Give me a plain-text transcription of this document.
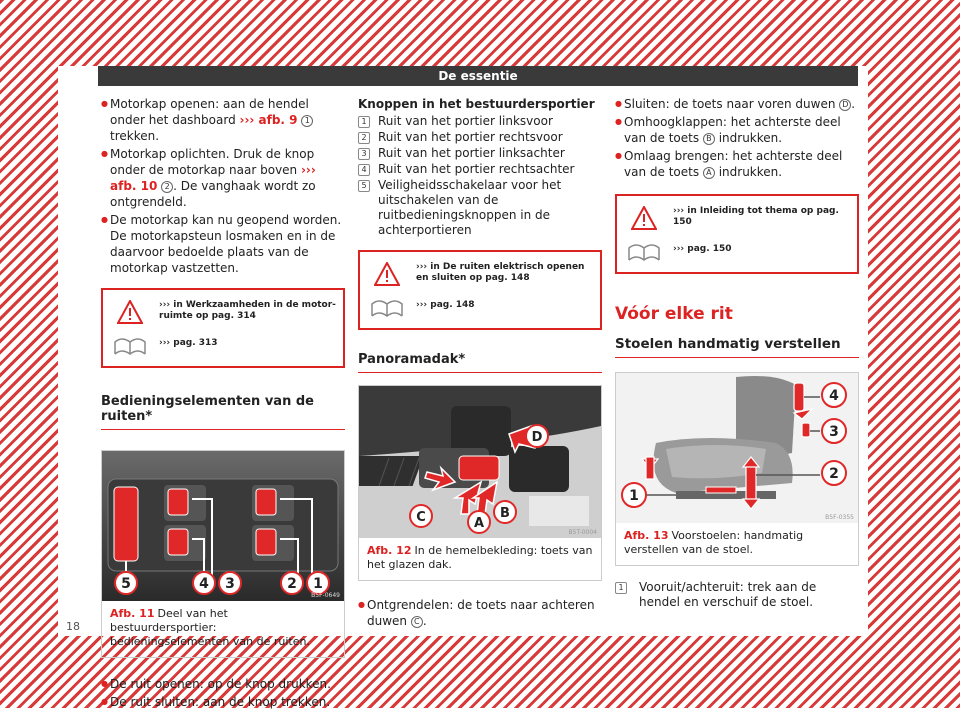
De essentie
● Motorkap openen: aan de hendel onder het dashboard ››› afb. 9 1 trekken.
● Motorkap oplichten. Druk de knop onder de motorkap naar boven ››› afb. 10 2 . De vanghaak wordt zo ontgrendeld.
● De motorkap kan nu geopend worden. De motorkapsteun losmaken en in de daarvoor bedoelde plaats van de motorkap vastzetten.
››› in Werkzaamheden in de motor-ruimte op pag. 314
››› pag. 313
Bedieningselementen van de ruiten*
5	4 3	2 1
B5F-0649
Afb. 11 Deel van het bestuurdersportier: bedieningselementen van de ruiten.
● De ruit openen: op de knop drukken.
● De ruit sluiten: aan de knop trekken.
Knoppen in het bestuurdersportier
1 Ruit van het portier linksvoor
2 Ruit van het portier rechtsvoor
3 Ruit van het portier linksachter
4 Ruit van het portier rechtsachter
5 Veiligheidsschakelaar voor het uitschakelen van de ruitbedieningsknoppen in de achterportieren
››› in De ruiten elektrisch openen en sluiten op pag. 148
››› pag. 148
Panoramadak*
D
C	A
B
B5T-0004
Afb. 12 In de hemelbekleding: toets van het glazen dak.
● Ontgrendelen: de toets naar achteren duwen C .
● Sluiten: de toets naar voren duwen D .
● Omhoogklappen: het achterste deel van de toets B indrukken.
● Omlaag brengen: het achterste deel van de toets A indrukken.
››› in Inleiding tot thema op pag. 150
››› pag. 150
Vóór elke rit
Stoelen handmatig verstellen
4
3
2
1
B5F-0355
Afb. 13 Voorstoelen: handmatig verstellen van de stoel.
1 Vooruit/achteruit: trek aan de hendel en verschuif de stoel.
18
